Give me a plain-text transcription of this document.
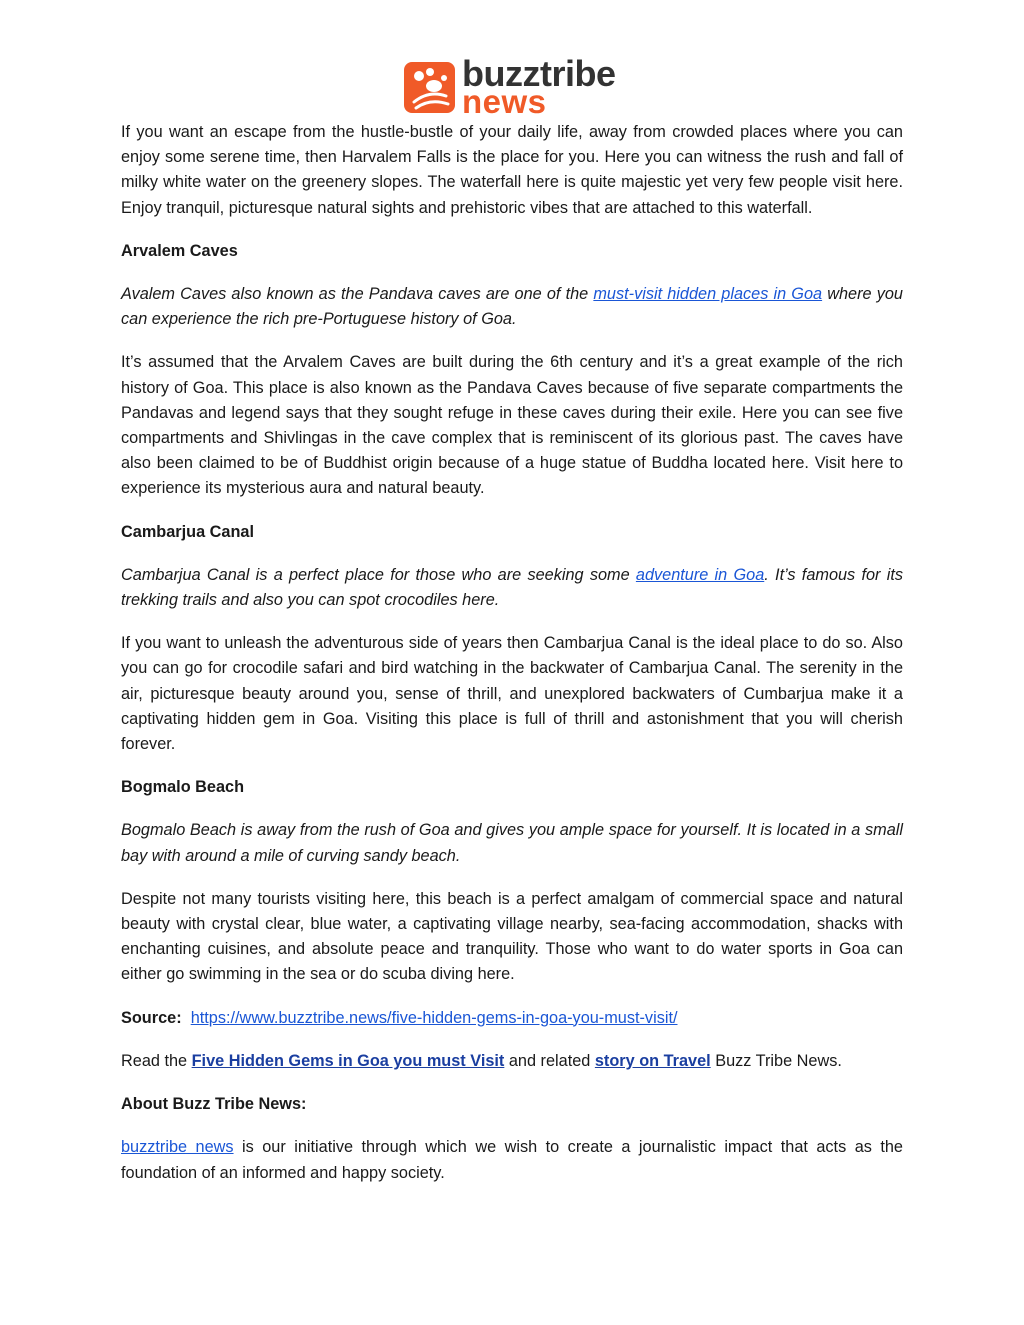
buzztribe
news

If you want an escape from the hustle-bustle of your daily life, away from crowded places where you can enjoy some serene time, then Harvalem Falls is the place for you. Here you can witness the rush and fall of milky white water on the greenery slopes. The waterfall here is quite majestic yet very few people visit here. Enjoy tranquil, picturesque natural sights and prehistoric vibes that are attached to this waterfall.

Arvalem Caves

Avalem Caves also known as the Pandava caves are one of the must-visit hidden places in Goa where you can experience the rich pre-Portuguese history of Goa.

It’s assumed that the Arvalem Caves are built during the 6th century and it’s a great example of the rich history of Goa. This place is also known as the Pandava Caves because of five separate compartments the Pandavas and legend says that they sought refuge in these caves during their exile. Here you can see five compartments and Shivlingas in the cave complex that is reminiscent of its glorious past. The caves have also been claimed to be of Buddhist origin because of a huge statue of Buddha located here. Visit here to experience its mysterious aura and natural beauty.

Cambarjua Canal

Cambarjua Canal is a perfect place for those who are seeking some adventure in Goa. It’s famous for its trekking trails and also you can spot crocodiles here.

If you want to unleash the adventurous side of years then Cambarjua Canal is the ideal place to do so. Also you can go for crocodile safari and bird watching in the backwater of Cambarjua Canal. The serenity in the air, picturesque beauty around you, sense of thrill, and unexplored backwaters of Cumbarjua make it a captivating hidden gem in Goa. Visiting this place is full of thrill and astonishment that you will cherish forever.

Bogmalo Beach

Bogmalo Beach is away from the rush of Goa and gives you ample space for yourself. It is located in a small bay with around a mile of curving sandy beach.

Despite not many tourists visiting here, this beach is a perfect amalgam of commercial space and natural beauty with crystal clear, blue water, a captivating village nearby, sea-facing accommodation, shacks with enchanting cuisines, and absolute peace and tranquility. Those who want to do water sports in Goa can either go swimming in the sea or do scuba diving here.

Source: https://www.buzztribe.news/five-hidden-gems-in-goa-you-must-visit/

Read the Five Hidden Gems in Goa you must Visit and related story on Travel Buzz Tribe News.

About Buzz Tribe News:

buzztribe news is our initiative through which we wish to create a journalistic impact that acts as the foundation of an informed and happy society.
